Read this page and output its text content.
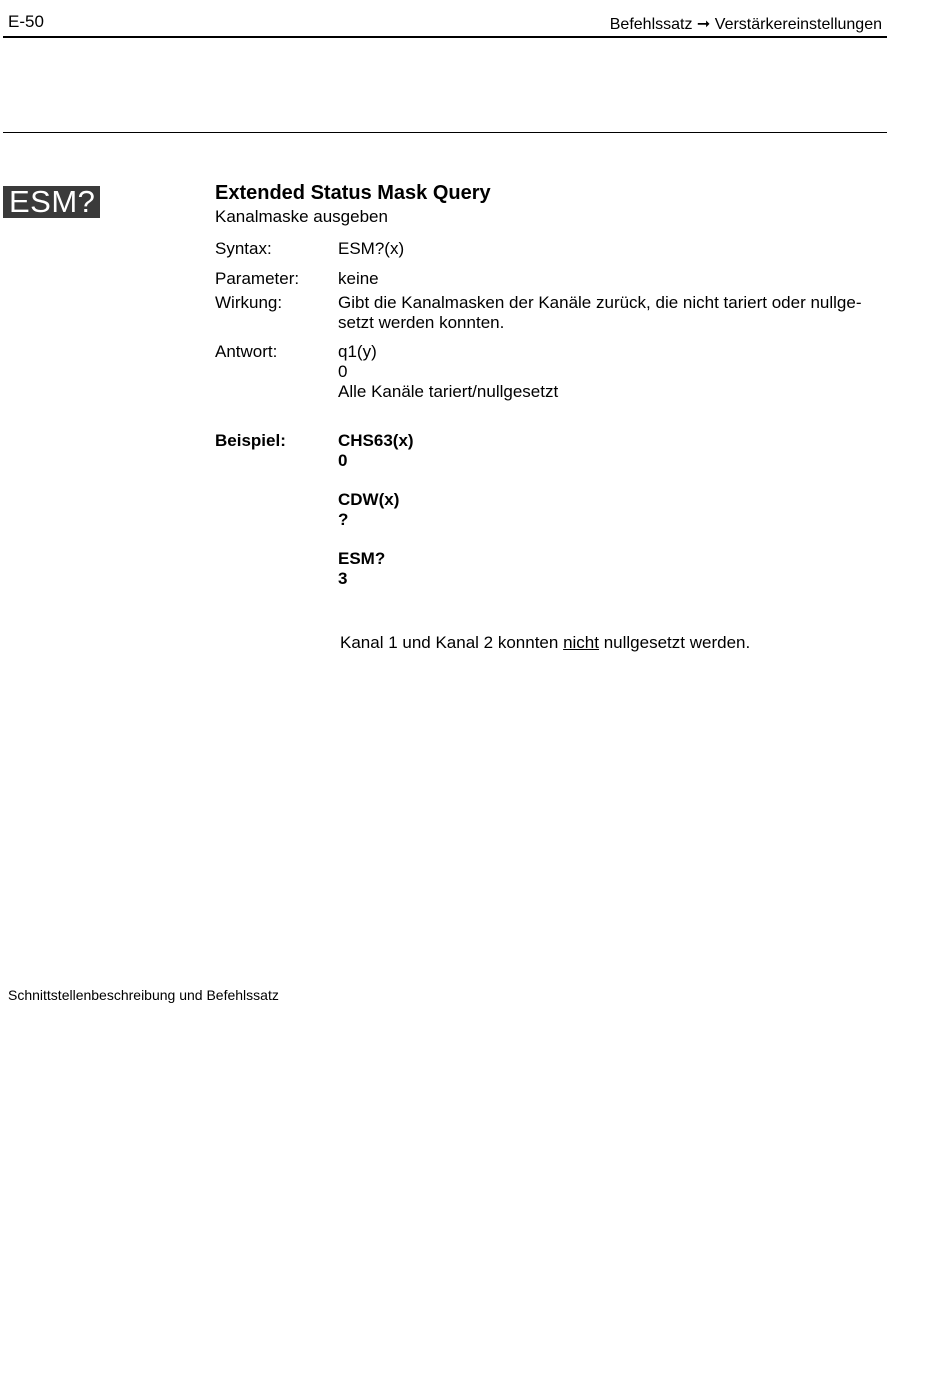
E-50	Befehlssatz ➞ Verstärkereinstellungen
ESM?	Extended Status Mask Query
Kanalmaske ausgeben
Syntax:	ESM?(x)
Parameter: keine
Wirkung:	Gibt die Kanalmasken der Kanäle zurück, die nicht tariert oder nullge-
setzt werden konnten.
Antwort:	q1(y)
0
Alle Kanäle tariert/nullgesetzt
Beispiel:	CHS63(x)
0
CDW(x)
?
ESM?
3
Kanal 1 und Kanal 2 konnten nicht nullgesetzt werden.
Schnittstellenbeschreibung und Befehlssatz
